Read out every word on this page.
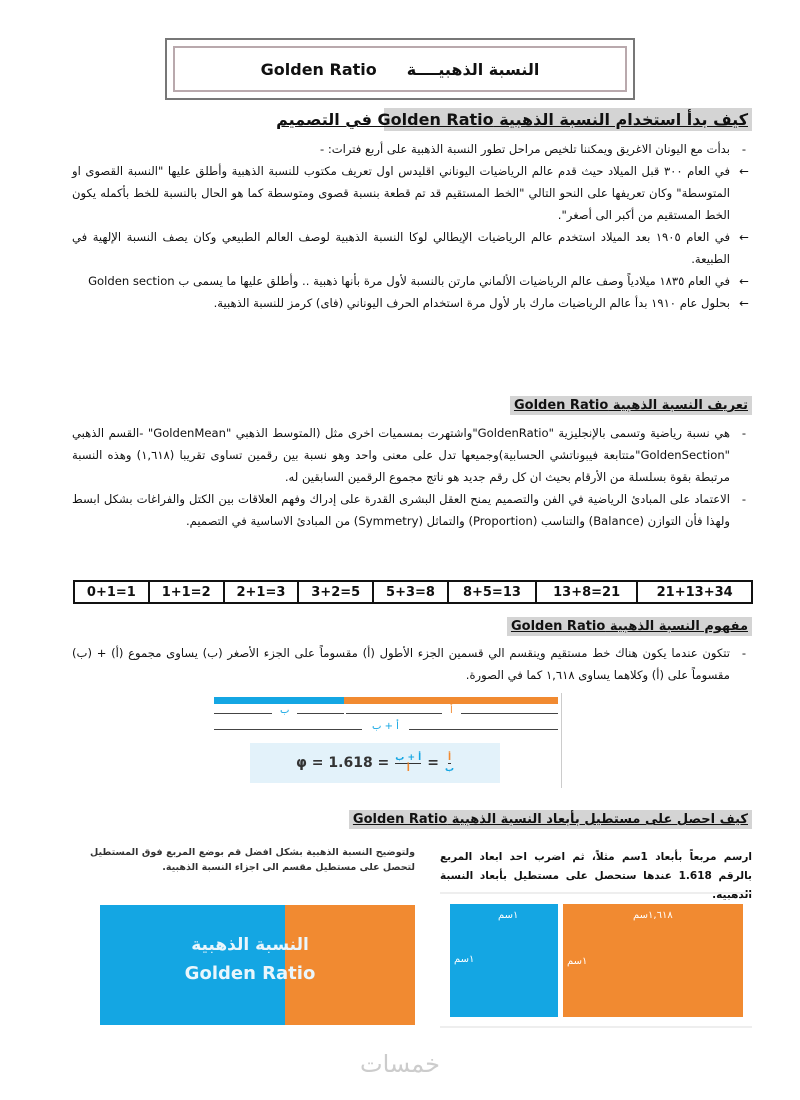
Golden Ratio النسبة الذهبيــــة
كيف بدأ استخدام النسبة الذهبية Golden Ratio في التصميم
-
بدأت مع اليونان الاغريق ويمكننا تلخيص مراحل تطور النسبة الذهبية على أربع فترات: -
←
في العام ٣٠٠ قبل الميلاد حيث قدم عالم الرياضيات اليوناني اقليدس اول تعريف مكتوب للنسبة الذهبية وأطلق عليها "النسبة القصوى او المتوسطة" وكان تعريفها على النحو التالي "الخط المستقيم قد تم قطعة بنسبة قصوى ومتوسطة كما هو الحال بالنسبة للخط بأكمله يكون الخط المستقيم من أكبر الى أصغر".
←
في العام ١٩٠٥ بعد الميلاد استخدم عالم الرياضيات الإيطالي لوكا النسبة الذهبية لوصف العالم الطبيعي وكان يصف النسبة الإلهية في الطبيعة.
←
في العام ١٨٣٥ ميلادياً وصف عالم الرياضيات الألماني مارتن بالنسبة لأول مرة بأنها ذهبية .. وأطلق عليها ما يسمى ب Golden section
←
بحلول عام ١٩١٠ بدأ عالم الرياضيات مارك بار لأول مرة استخدام الحرف اليوناني (فاى) كرمز للنسبة الذهبية.
تعريف النسبة الذهبية Golden Ratio
-
هي نسبة رياضية وتسمى بالإنجليزية "GoldenRatio"واشتهرت بمسميات اخرى مثل (المتوسط الذهبي "GoldenMean" -القسم الذهبي "GoldenSection"متتابعة فيبوناتشي الحسابية)وجميعها تدل على معنى واحد وهو نسبة بين رقمين تساوى تقريبا (١,٦١٨) وهذه النسبة مرتبطة بقوة بسلسلة من الأرقام بحيث ان كل رقم جديد هو ناتج مجموع الرقمين السابقين له.
-
الاعتماد على المبادئ الرياضية في الفن والتصميم يمنح العقل البشرى القدرة على إدراك وفهم العلاقات بين الكتل والفراغات بشكل ابسط ولهذا فأن التوازن (Balance) والتناسب (Proportion) والتماثل (Symmetry) من المبادئ الاساسية في التصميم.
0+1=1	1+1=2	2+1=3	3+2=5	5+3=8	8+5=13	13+8=21	21+13+34
مفهوم النسبة الذهبية Golden Ratio
-
تتكون عندما يكون هناك خط مستقيم وينقسم الي قسمين الجزء الأطول (أ) مقسوماً على الجزء الأصغر (ب) يساوى مجموع (أ) + (ب) مقسوماً على (أ) وكلاهما يساوى ١,٦١٨ كما في الصورة.
ب	أ
أ + ب
φ = 1.618 = أ + ب
أ = أ
ب
كيف احصل على مستطيل بأبعاد النسبة الذهبية Golden Ratio
ارسم مربعاً بأبعاد 1سم مثلاً، ثم اضرب احد ابعاد المربع بالرقم 1.618 عندها ستحصل على مستطيل بأبعاد النسبة الذهبية.
ولتوضيح النسبة الذهبية بشكل افضل قم بوضع المربع فوق المستطيل لتحصل على مستطيل مقسم الى اجزاء النسبة الذهبية.
النسبة الذهبية
Golden Ratio
١سم
١سم
١,٦١٨سم
١سم
خمسات
